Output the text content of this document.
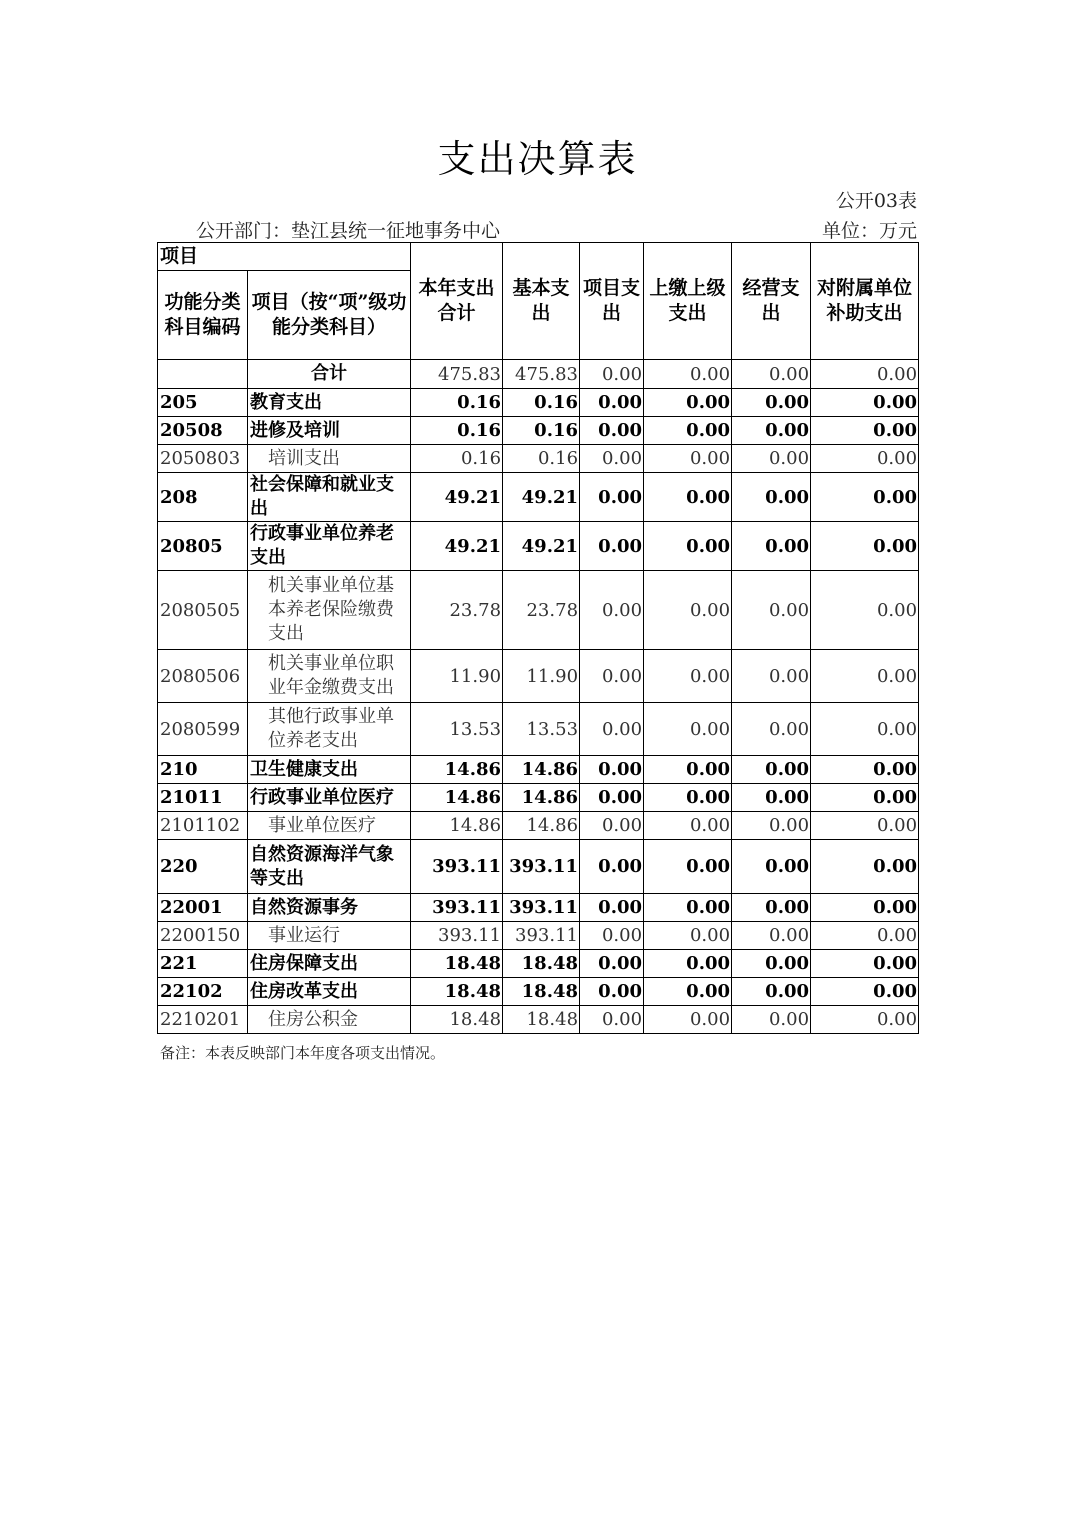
支出决算表
公开03表
公开部门：垫江县统一征地事务中心	单位：万元
项目		本年支出合计	基本支出	项目支出	上缴上级支出	经营支出	对附属单位补助支出
功能分类科目编码	项目（按“项”级功能分类科目）						
	合计	475.83	475.83	0.00	0.00	0.00	0.00
205	教育支出	0.16	0.16	0.00	0.00	0.00	0.00
20508	进修及培训	0.16	0.16	0.00	0.00	0.00	0.00
2050803	培训支出	0.16	0.16	0.00	0.00	0.00	0.00
208	社会保障和就业支出	49.21	49.21	0.00	0.00	0.00	0.00
20805	行政事业单位养老支出	49.21	49.21	0.00	0.00	0.00	0.00
2080505	机关事业单位基本养老保险缴费支出	23.78	23.78	0.00	0.00	0.00	0.00
2080506	机关事业单位职业年金缴费支出	11.90	11.90	0.00	0.00	0.00	0.00
2080599	其他行政事业单位养老支出	13.53	13.53	0.00	0.00	0.00	0.00
210	卫生健康支出	14.86	14.86	0.00	0.00	0.00	0.00
21011	行政事业单位医疗	14.86	14.86	0.00	0.00	0.00	0.00
2101102	事业单位医疗	14.86	14.86	0.00	0.00	0.00	0.00
220	自然资源海洋气象等支出	393.11	393.11	0.00	0.00	0.00	0.00
22001	自然资源事务	393.11	393.11	0.00	0.00	0.00	0.00
2200150	事业运行	393.11	393.11	0.00	0.00	0.00	0.00
221	住房保障支出	18.48	18.48	0.00	0.00	0.00	0.00
22102	住房改革支出	18.48	18.48	0.00	0.00	0.00	0.00
2210201	住房公积金	18.48	18.48	0.00	0.00	0.00	0.00
备注：本表反映部门本年度各项支出情况。
